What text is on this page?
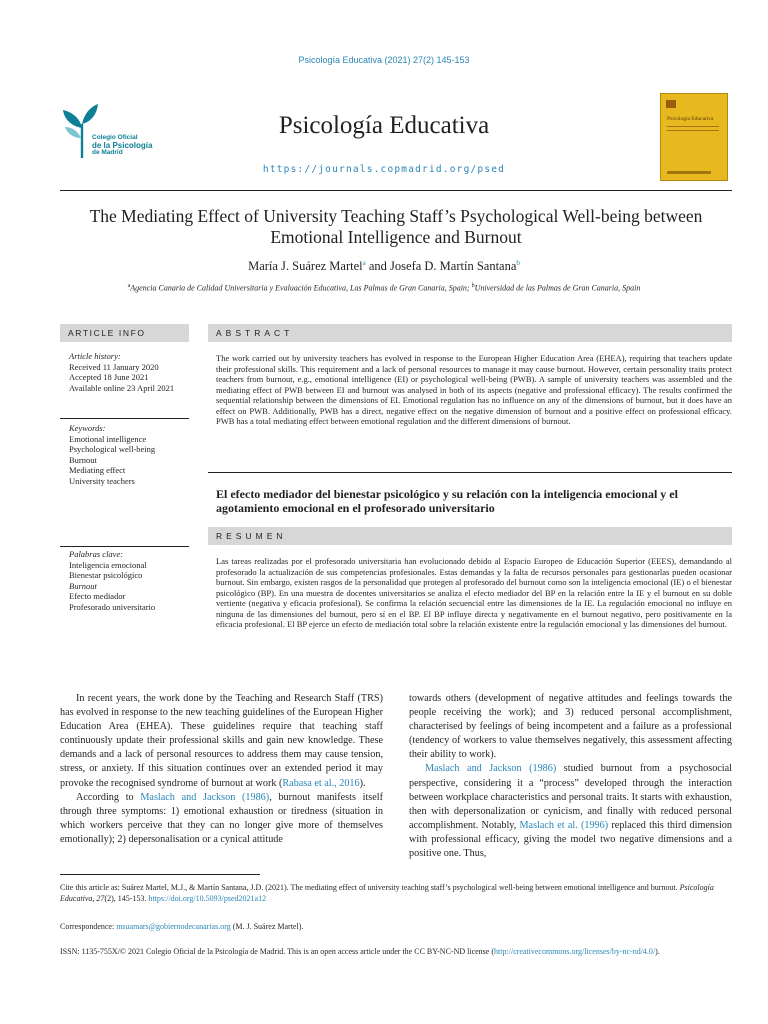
Psicología Educativa (2021) 27(2) 145-153
Colegio Oficial
de la Psicología
de Madrid
Psicología Educativa
https://journals.copmadrid.org/psed
Psicología Educativa
The Mediating Effect of University Teaching Staff’s Psychological Well-being between Emotional Intelligence and Burnout
María J. Suárez Martel$^a$ and Josefa D. Martín Santana$^b$
$^a$Agencia Canaria de Calidad Universitaria y Evaluación Educativa, Las Palmas de Gran Canaria, Spain; $^b$Universidad de las Palmas de Gran Canaria, Spain
ARTICLE INFO
Article history:
Received 11 January 2020
Accepted 18 June 2021
Available online 23 April 2021
Keywords:
Emotional intelligence
Psychological well-being
Burnout
Mediating effect
University teachers
Palabras clave:
Inteligencia emocional
Bienestar psicológico
Burnout
Efecto mediador
Profesorado universitario
ABSTRACT
The work carried out by university teachers has evolved in response to the European Higher Education Area (EHEA), requiring that teachers update their professional skills. This requirement and a lack of personal resources to manage it may cause burnout. However, certain personality traits protect teachers from burnout, e.g., emotional intelligence (EI) or psychological well-being (PWB). A sample of university teachers was assembled and the mediating effect of PWB between EI and burnout was analysed in both of its aspects (negative and professional efficacy). The results confirmed the sequential relationship between the dimensions of EI. Emotional regulation has no influence on any of the dimensions of burnout, but it does have an effect on PWB. Additionally, PWB has a direct, negative effect on the negative dimension of burnout and a positive effect on professional efficacy. PWB has a total mediating effect between emotional regulation and the different dimensions of burnout.
El efecto mediador del bienestar psicológico y su relación con la inteligencia emocional y el agotamiento emocional en el profesorado universitario
RESUMEN
Las tareas realizadas por el profesorado universitaria han evolucionado debido al Espacio Europeo de Educación Superior (EEES), demandando al profesorado la actualización de sus competencias profesionales. Estas demandas y la falta de recursos personales para gestionarlas pueden ocasionar burnout. Sin embargo, existen rasgos de la personalidad que protegen al profesorado del burnout como son la inteligencia emocional (IE) o el bienestar psicológico (BP). En una muestra de docentes universitarios se analiza el efecto mediador del BP en la relación entre la IE y el burnout en su doble vertiente (negativa y eficacia profesional). Se confirma la relación secuencial entre las dimensiones de la IE. La regulación emocional no influye en ninguna de las dimensiones del burnout, pero sí en el BP. El BP influye directa y negativamente en el burnout negativo, pero positivamente en la eficacia profesional. El BP ejerce un efecto de mediación total sobre la relación existente entre la regulación emocional y las dimensiones del burnout.

In recent years, the work done by the Teaching and Research Staff (TRS) has evolved in response to the new teaching guidelines of the European Higher Education Area (EHEA). These guidelines require that teaching staff continuously update their professional skills and gain new knowledge. These demands and a lack of personal resources to address them may cause tension, stress, or anxiety. If this situation continues over an extended period it may provoke the recognised syndrome of burnout at work (Rabasa et al., 2016).

According to Maslach and Jackson (1986), burnout manifests itself through three symptoms: 1) emotional exhaustion or tiredness (situation in which workers perceive that they can no longer give more of themselves emotionally); 2) depersonalisation or a cynical attitude

towards others (development of negative attitudes and feelings towards the people receiving the work); and 3) reduced personal accomplishment, characterised by feelings of being incompetent and a failure as a professional (tendency of workers to value themselves negatively, this assessment affecting their ability to work).

Maslach and Jackson (1986) studied burnout from a psychosocial perspective, considering it a “process” developed through the interaction between workplace characteristics and personal traits. It starts with exhaustion, then with depersonalization or cynicism, and finally with reduced personal accomplishment. Notably, Maslach et al. (1996) replaced this third dimension with professional efficacy, giving the model two negative dimensions and a positive one. Thus,

Cite this article as: Suárez Martel, M.J., & Martín Santana, J.D. (2021). The mediating effect of university teaching staff’s psychological well-being between emotional intelligence and burnout. Psicología Educativa, 27(2), 145-153. https://doi.org/10.5093/psed2021a12
Correspondence: msuamars@gobiernodecanarias.org (M. J. Suárez Martel).
ISSN: 1135-755X/© 2021 Colegio Oficial de la Psicología de Madrid. This is an open access article under the CC BY-NC-ND license (http://creativecommons.org/licenses/by-nc-nd/4.0/).
